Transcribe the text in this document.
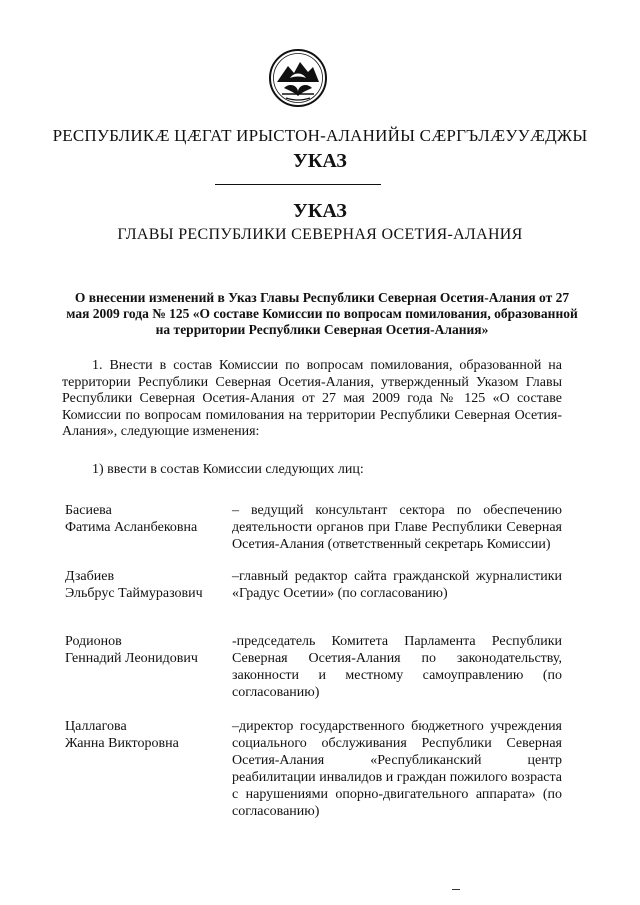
РЕСПУБЛИКӔ ЦӔГАТ ИРЫСТОН-АЛАНИЙЫ СӔРГЪЛӔУУӔДЖЫ
УКАЗ
УКАЗ
ГЛАВЫ РЕСПУБЛИКИ СЕВЕРНАЯ ОСЕТИЯ-АЛАНИЯ
О внесении изменений в Указ Главы Республики Северная Осетия-Алания от 27 мая 2009 года № 125 «О составе Комиссии по вопросам помилования, образованной на территории Республики Северная Осетия-Алания»
1. Внести в состав Комиссии по вопросам помилования, образованной на территории Республики Северная Осетия-Алания, утвержденный Указом Главы Республики Северная Осетия-Алания от 27 мая 2009 года № 125 «О составе Комиссии по вопросам помилования на территории Республики Северная Осетия-Алания», следующие изменения:
1) ввести в состав Комиссии следующих лиц:
Басиева
Фатима Асланбековна
– ведущий консультант сектора по обеспечению деятельности органов при Главе Республики Северная Осетия-Алания (ответственный секретарь Комиссии)
Дзабиев
Эльбрус Таймуразович
–главный редактор сайта гражданской журналистики «Градус Осетии» (по согласованию)
Родионов
Геннадий Леонидович
-председатель Комитета Парламента Республики Северная Осетия-Алания по законодательству, законности и местному самоуправлению (по согласованию)
Цаллагова
Жанна Викторовна
–директор государственного бюджетного учреждения социального обслуживания Республики Северная Осетия-Алания «Республиканский центр реабилитации инвалидов и граждан пожилого возраста с нарушениями опорно-двигательного аппарата» (по согласованию)
